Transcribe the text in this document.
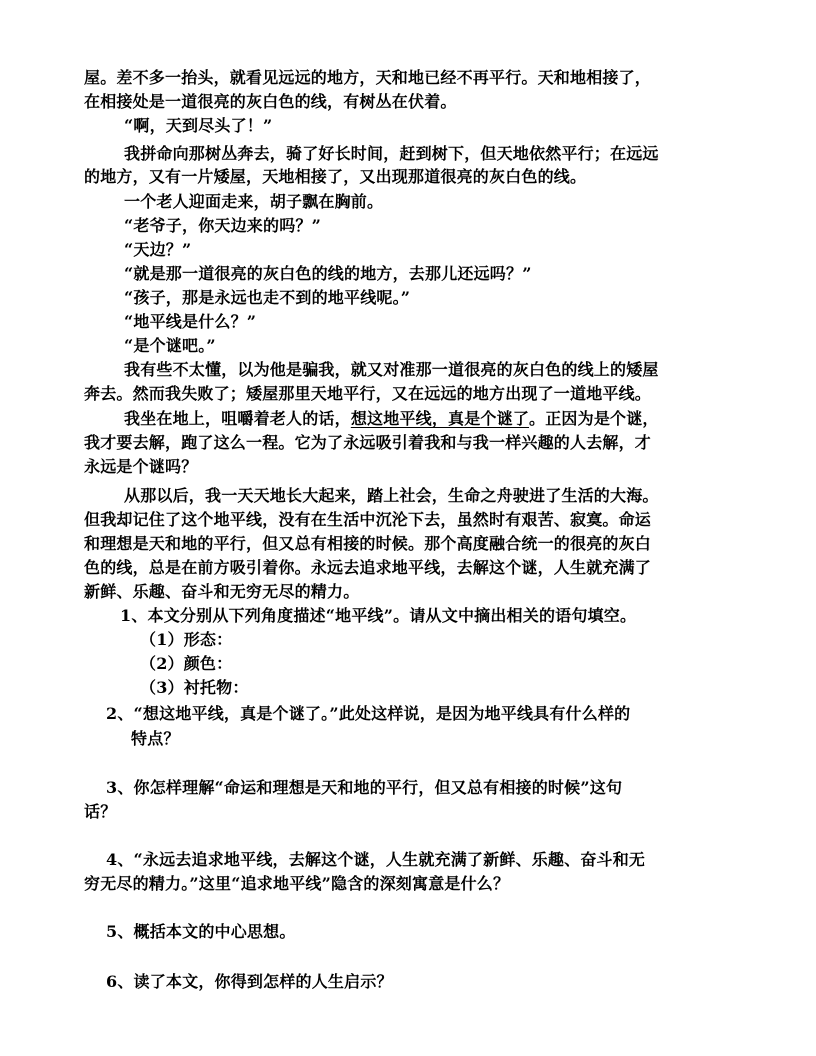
屋。差不多一抬头，就看见远远的地方，天和地已经不再平行。天和地相接了，
在相接处是一道很亮的灰白色的线，有树丛在伏着。
“啊，天到尽头了！”
我拼命向那树丛奔去，骑了好长时间，赶到树下，但天地依然平行；在远远
的地方，又有一片矮屋，天地相接了，又出现那道很亮的灰白色的线。
一个老人迎面走来，胡子飘在胸前。
“老爷子，你天边来的吗？”
“天边？”
“就是那一道很亮的灰白色的线的地方，去那儿还远吗？”
“孩子，那是永远也走不到的地平线呢。”
“地平线是什么？”
“是个谜吧。”
我有些不太懂，以为他是骗我，就又对准那一道很亮的灰白色的线上的矮屋
奔去。然而我失败了；矮屋那里天地平行，又在远远的地方出现了一道地平线。
我坐在地上，咀嚼着老人的话，想这地平线，真是个谜了。正因为是个谜，
我才要去解，跑了这么一程。它为了永远吸引着我和与我一样兴趣的人去解，才
永远是个谜吗？
从那以后，我一天天地长大起来，踏上社会，生命之舟驶进了生活的大海。
但我却记住了这个地平线，没有在生活中沉沦下去，虽然时有艰苦、寂寞。命运
和理想是天和地的平行，但又总有相接的时候。那个高度融合统一的很亮的灰白
色的线，总是在前方吸引着你。永远去追求地平线，去解这个谜，人生就充满了
新鲜、乐趣、奋斗和无穷无尽的精力。
1、本文分别从下列角度描述“地平线”。请从文中摘出相关的语句填空。
（1）形态：
（2）颜色：
（3）衬托物：
2、“想这地平线，真是个谜了。”此处这样说，是因为地平线具有什么样的
特点？
3、你怎样理解“命运和理想是天和地的平行，但又总有相接的时候”这句
话？
4、“永远去追求地平线，去解这个谜，人生就充满了新鲜、乐趣、奋斗和无
穷无尽的精力。”这里“追求地平线”隐含的深刻寓意是什么？
5、概括本文的中心思想。
6、读了本文，你得到怎样的人生启示？
